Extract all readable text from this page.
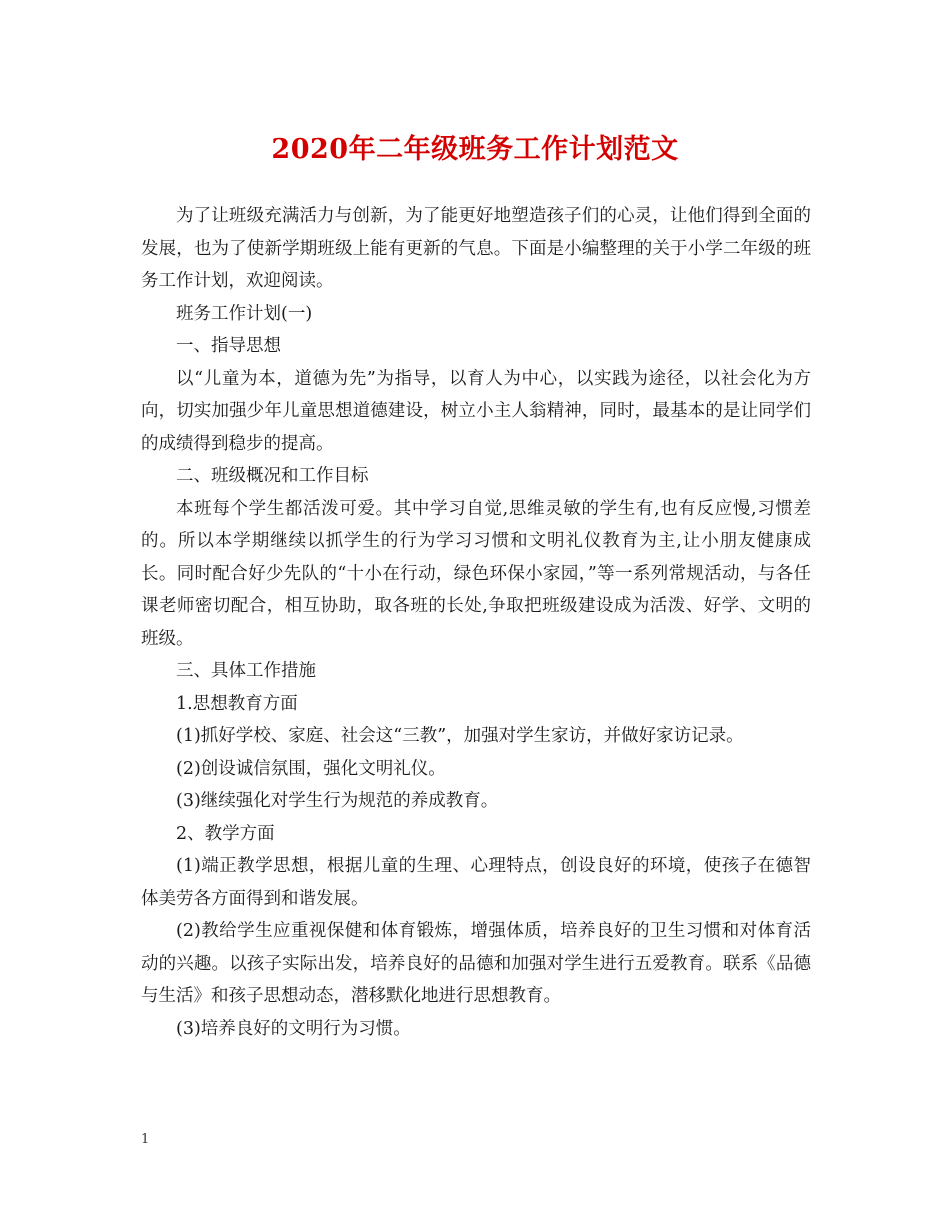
2020年二年级班务工作计划范文

为了让班级充满活力与创新，为了能更好地塑造孩子们的心灵，让他们得到全面的发展，也为了使新学期班级上能有更新的气息。下面是小编整理的关于小学二年级的班务工作计划，欢迎阅读。

班务工作计划(一)

一、指导思想

以“儿童为本，道德为先”为指导，以育人为中心，以实践为途径，以社会化为方向，切实加强少年儿童思想道德建设，树立小主人翁精神，同时，最基本的是让同学们的成绩得到稳步的提高。

二、班级概况和工作目标

本班每个学生都活泼可爱。其中学习自觉,思维灵敏的学生有,也有反应慢,习惯差的。所以本学期继续以抓学生的行为学习习惯和文明礼仪教育为主,让小朋友健康成长。同时配合好少先队的“十小在行动，绿色环保小家园，”等一系列常规活动，与各任课老师密切配合，相互协助，取各班的长处,争取把班级建设成为活泼、好学、文明的班级。

三、具体工作措施

1.思想教育方面

(1)抓好学校、家庭、社会这“三教”，加强对学生家访，并做好家访记录。

(2)创设诚信氛围，强化文明礼仪。

(3)继续强化对学生行为规范的养成教育。

2、教学方面

(1)端正教学思想，根据儿童的生理、心理特点，创设良好的环境，使孩子在德智体美劳各方面得到和谐发展。

(2)教给学生应重视保健和体育锻炼，增强体质，培养良好的卫生习惯和对体育活动的兴趣。以孩子实际出发，培养良好的品德和加强对学生进行五爱教育。联系《品德与生活》和孩子思想动态，潜移默化地进行思想教育。

(3)培养良好的文明行为习惯。

1
